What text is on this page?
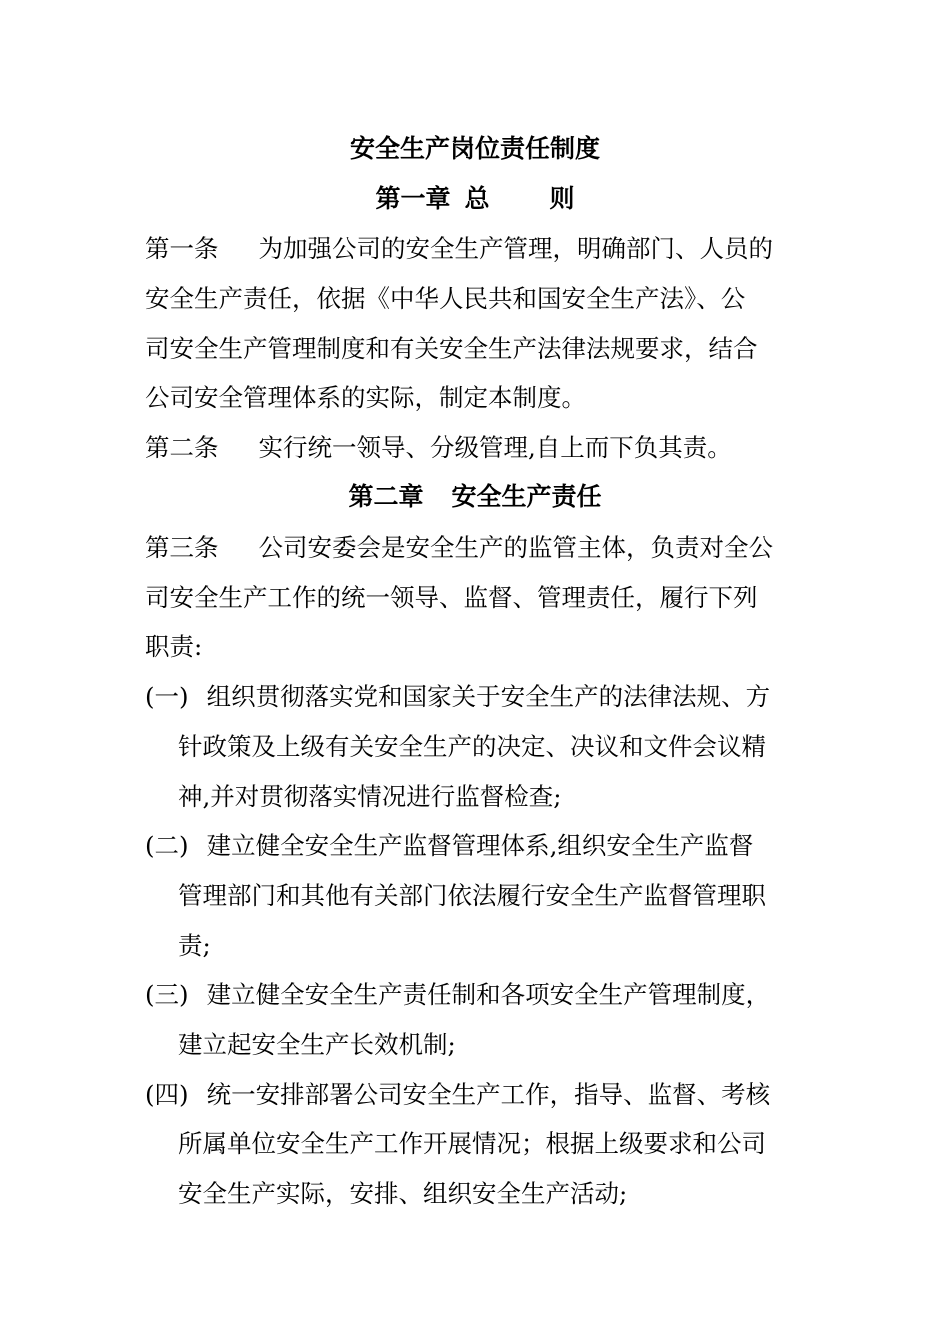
安全生产岗位责任制度
第一章 总 则
第一条 为加强公司的安全生产管理，明确部门、人员的
安全生产责任，依据《中华人民共和国安全生产法》、公
司安全生产管理制度和有关安全生产法律法规要求，结合
公司安全管理体系的实际，制定本制度。
第二条 实行统一领导、分级管理,自上而下负其责。
第二章 安全生产责任
第三条 公司安委会是安全生产的监管主体，负责对全公
司安全生产工作的统一领导、监督、管理责任，履行下列
职责:
(一) 组织贯彻落实党和国家关于安全生产的法律法规、方
针政策及上级有关安全生产的决定、决议和文件会议精
神,并对贯彻落实情况进行监督检查;
(二) 建立健全安全生产监督管理体系,组织安全生产监督
管理部门和其他有关部门依法履行安全生产监督管理职
责;
(三) 建立健全安全生产责任制和各项安全生产管理制度，
建立起安全生产长效机制;
(四) 统一安排部署公司安全生产工作，指导、监督、考核
所属单位安全生产工作开展情况；根据上级要求和公司
安全生产实际，安排、组织安全生产活动;
